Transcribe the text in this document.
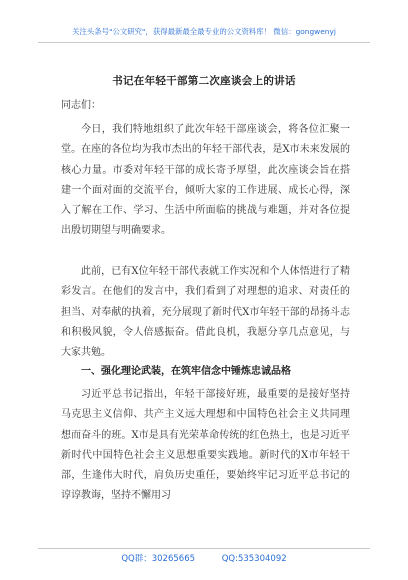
关注头条号"公文研究"，获得最新最全最专业的公文资料库！ 微信：gongwenyj
书记在年轻干部第二次座谈会上的讲话
同志们：

今日，我们特地组织了此次年轻干部座谈会，将各位汇聚一堂。在座的各位均为我市杰出的年轻干部代表，是X市未来发展的核心力量。市委对年轻干部的成长寄予厚望，此次座谈会旨在搭建一个面对面的交流平台，倾听大家的工作进展、成长心得，深入了解在工作、学习、生活中所面临的挑战与难题，并对各位提出殷切期望与明确要求。

此前，已有X位年轻干部代表就工作实况和个人体悟进行了精彩发言。在他们的发言中，我们看到了对理想的追求、对责任的担当、对奉献的执着，充分展现了新时代X市年轻干部的昂扬斗志和积极风貌，令人倍感振奋。借此良机，我愿分享几点意见，与大家共勉。

一、强化理论武装，在筑牢信念中锤炼忠诚品格

习近平总书记指出，年轻干部接好班，最重要的是接好坚持马克思主义信仰、共产主义远大理想和中国特色社会主义共同理想而奋斗的班。X市是具有光荣革命传统的红色热土，也是习近平新时代中国特色社会主义思想重要实践地。新时代的X市年轻干部，生逢伟大时代，肩负历史重任，要始终牢记习近平总书记的谆谆教诲，坚持不懈用习

QQ群：30265665	QQ:535304092
